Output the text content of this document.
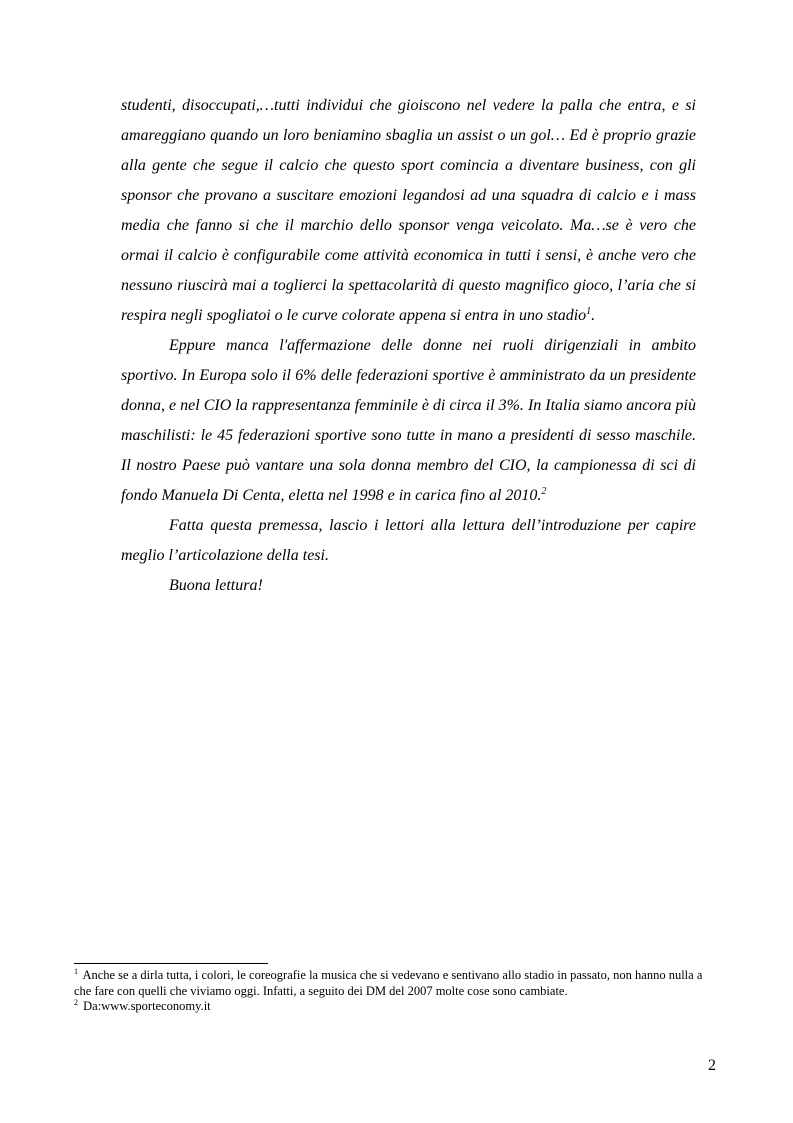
studenti, disoccupati,…tutti individui che gioiscono nel vedere la palla che entra, e si amareggiano quando un loro beniamino sbaglia un assist o un gol… Ed è proprio grazie alla gente che segue il calcio che questo sport comincia a diventare business, con gli sponsor che provano a suscitare emozioni legandosi ad una squadra di calcio e i mass media che fanno si che il marchio dello sponsor venga veicolato. Ma…se è vero che ormai il calcio è configurabile come attività economica in tutti i sensi, è anche vero che nessuno riuscirà mai a toglierci la spettacolarità di questo magnifico gioco, l’aria che si respira negli spogliatoi o le curve colorate appena si entra in uno stadio$^1$.

Eppure manca l'affermazione delle donne nei ruoli dirigenziali in ambito sportivo. In Europa solo il 6% delle federazioni sportive è amministrato da un presidente donna, e nel CIO la rappresentanza femminile è di circa il 3%. In Italia siamo ancora più maschilisti: le 45 federazioni sportive sono tutte in mano a presidenti di sesso maschile. Il nostro Paese può vantare una sola donna membro del CIO, la campionessa di sci di fondo Manuela Di Centa, eletta nel 1998 e in carica fino al 2010.$^2$

Fatta questa premessa, lascio i lettori alla lettura dell’introduzione per capire meglio l’articolazione della tesi.

Buona lettura!

$^1$ Anche se a dirla tutta, i colori, le coreografie la musica che si vedevano e sentivano allo stadio in passato, non hanno nulla a che fare con quelli che viviamo oggi. Infatti, a seguito dei DM del 2007 molte cose sono cambiate.

$^2$ Da:www.sporteconomy.it

2
